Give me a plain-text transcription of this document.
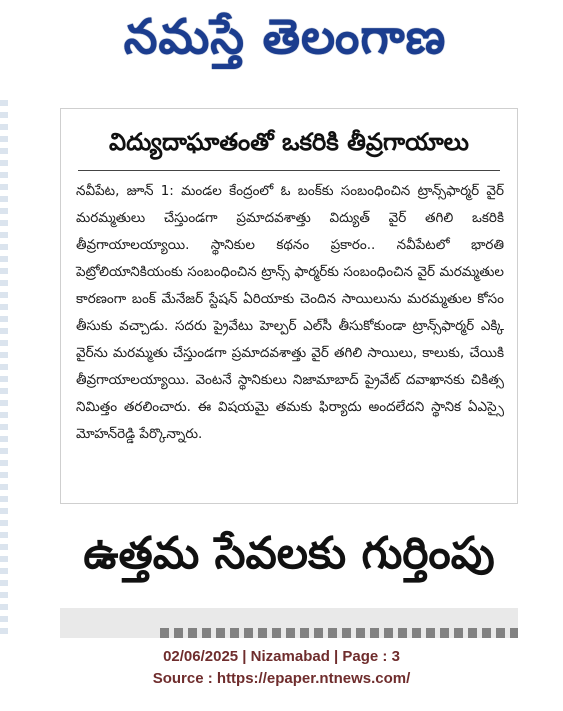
నమస్తే తెలంగాణ
విద్యుదాఘాతంతో ఒకరికి తీవ్రగాయాలు

నవీపేట, జూన్ 1: మండల కేంద్రంలో ఓ బంక్‌కు సంబంధించిన ట్రాన్స్‌ఫార్మర్ వైర్ మరమ్మతులు చేస్తుండగా ప్రమాదవశాత్తు విద్యుత్ వైర్ తగిలి ఒకరికి తీవ్రగాయాలయ్యాయి. స్థానికుల కథనం ప్రకారం.. నవీపేటలో భారతి పెట్రోలియానికియంకు సంబంధించిన ట్రాన్స్ ఫార్మర్‌కు సంబంధించిన వైర్ మరమ్మతుల కారణంగా బంక్ మేనేజర్ స్టేషన్ ఏరియాకు చెందిన సాయిలును మరమ్మతుల కోసం తీసుకు వచ్చాడు. సదరు ప్రైవేటు హెల్పర్ ఎల్‌సీ తీసుకోకుండా ట్రాన్స్‌ఫార్మర్ ఎక్కి వైర్‌ను మరమ్మతు చేస్తుండగా ప్రమాదవశాత్తు వైర్ తగిలి సాయిలు, కాలుకు, చేయికి తీవ్రగాయాలయ్యాయి. వెంటనే స్థానికులు నిజామాబాద్ ప్రైవేట్ దవాఖానకు చికిత్స నిమిత్తం తరలించారు. ఈ విషయమై తమకు ఫిర్యాదు అందలేదని స్థానిక ఏఎస్సై మోహన్‌రెడ్డి పేర్కొన్నారు.

ఉత్తమ సేవలకు గుర్తింపు
02/06/2025 | Nizamabad | Page : 3
Source : https://epaper.ntnews.com/
